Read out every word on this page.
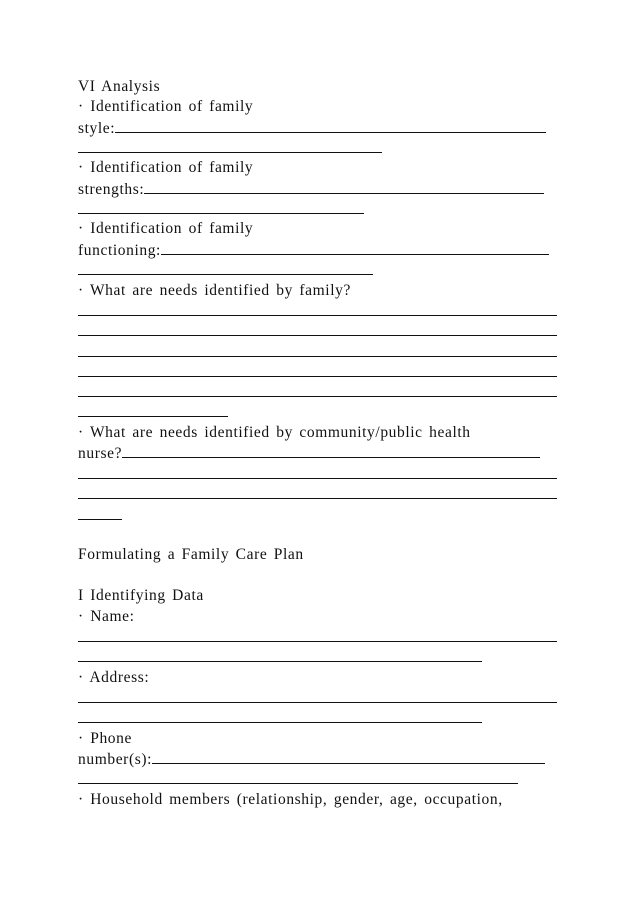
VI Analysis
· Identification of family
style:
· Identification of family
strengths:
· Identification of family
functioning:
· What are needs identified by family?
· What are needs identified by community/public health
nurse?
Formulating a Family Care Plan
I Identifying Data
· Name:
· Address:
· Phone
number(s):
· Household members (relationship, gender, age, occupation,
